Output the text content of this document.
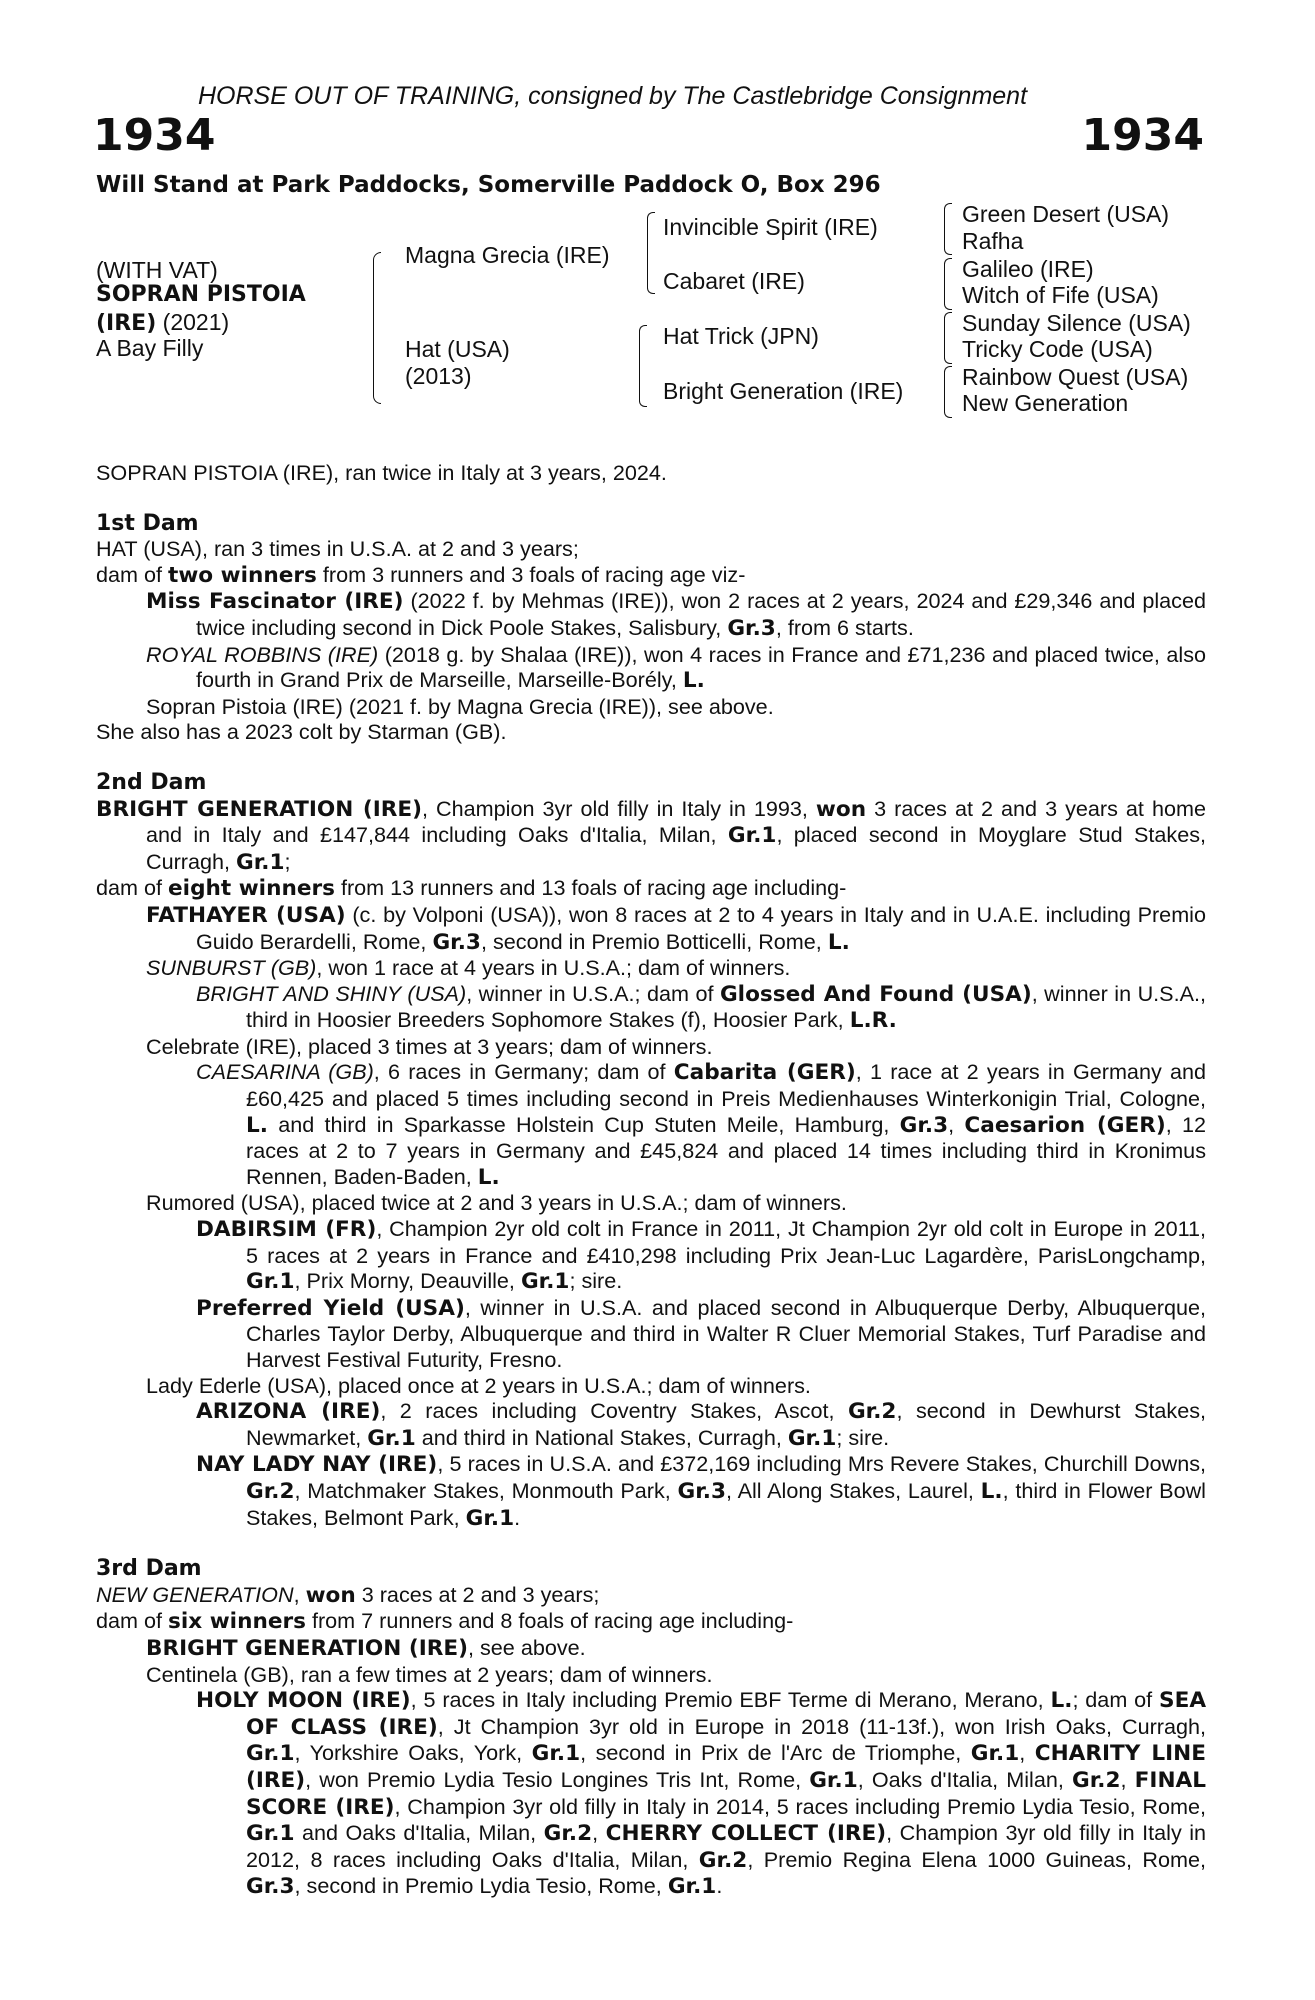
HORSE OUT OF TRAINING, consigned by The Castlebridge Consignment
1934	1934
Will Stand at Park Paddocks, Somerville Paddock O, Box 296
(WITH VAT)
SOPRAN PISTOIA
(IRE) (2021)
A Bay Filly
Magna Grecia (IRE)
Hat (USA)
(2013)
Invincible Spirit (IRE)
Cabaret (IRE)
Hat Trick (JPN)
Bright Generation (IRE)
Green Desert (USA)
Rafha
Galileo (IRE)
Witch of Fife (USA)
Sunday Silence (USA)
Tricky Code (USA)
Rainbow Quest (USA)
New Generation

SOPRAN PISTOIA (IRE), ran twice in Italy at 3 years, 2024.

1st Dam

HAT (USA), ran 3 times in U.S.A. at 2 and 3 years;

dam of two winners from 3 runners and 3 foals of racing age viz-

Miss Fascinator (IRE) (2022 f. by Mehmas (IRE)), won 2 races at 2 years, 2024 and £29,346 and placed twice including second in Dick Poole Stakes, Salisbury, Gr.3, from 6 starts.

ROYAL ROBBINS (IRE) (2018 g. by Shalaa (IRE)), won 4 races in France and £71,236 and placed twice, also fourth in Grand Prix de Marseille, Marseille-Borély, L.

Sopran Pistoia (IRE) (2021 f. by Magna Grecia (IRE)), see above.

She also has a 2023 colt by Starman (GB).

2nd Dam

BRIGHT GENERATION (IRE), Champion 3yr old filly in Italy in 1993, won 3 races at 2 and 3 years at home and in Italy and £147,844 including Oaks d'Italia, Milan, Gr.1, placed second in Moyglare Stud Stakes, Curragh, Gr.1;

dam of eight winners from 13 runners and 13 foals of racing age including-

FATHAYER (USA) (c. by Volponi (USA)), won 8 races at 2 to 4 years in Italy and in U.A.E. including Premio Guido Berardelli, Rome, Gr.3, second in Premio Botticelli, Rome, L.

SUNBURST (GB), won 1 race at 4 years in U.S.A.; dam of winners.

BRIGHT AND SHINY (USA), winner in U.S.A.; dam of Glossed And Found (USA), winner in U.S.A., third in Hoosier Breeders Sophomore Stakes (f), Hoosier Park, L.R.

Celebrate (IRE), placed 3 times at 3 years; dam of winners.

CAESARINA (GB), 6 races in Germany; dam of Cabarita (GER), 1 race at 2 years in Germany and £60,425 and placed 5 times including second in Preis Medienhauses Winterkonigin Trial, Cologne, L. and third in Sparkasse Holstein Cup Stuten Meile, Hamburg, Gr.3, Caesarion (GER), 12 races at 2 to 7 years in Germany and £45,824 and placed 14 times including third in Kronimus Rennen, Baden-Baden, L.

Rumored (USA), placed twice at 2 and 3 years in U.S.A.; dam of winners.

DABIRSIM (FR), Champion 2yr old colt in France in 2011, Jt Champion 2yr old colt in Europe in 2011, 5 races at 2 years in France and £410,298 including Prix Jean-Luc Lagardère, ParisLongchamp, Gr.1, Prix Morny, Deauville, Gr.1; sire.

Preferred Yield (USA), winner in U.S.A. and placed second in Albuquerque Derby, Albuquerque, Charles Taylor Derby, Albuquerque and third in Walter R Cluer Memorial Stakes, Turf Paradise and Harvest Festival Futurity, Fresno.

Lady Ederle (USA), placed once at 2 years in U.S.A.; dam of winners.

ARIZONA (IRE), 2 races including Coventry Stakes, Ascot, Gr.2, second in Dewhurst Stakes, Newmarket, Gr.1 and third in National Stakes, Curragh, Gr.1; sire.

NAY LADY NAY (IRE), 5 races in U.S.A. and £372,169 including Mrs Revere Stakes, Churchill Downs, Gr.2, Matchmaker Stakes, Monmouth Park, Gr.3, All Along Stakes, Laurel, L., third in Flower Bowl Stakes, Belmont Park, Gr.1.

3rd Dam

NEW GENERATION, won 3 races at 2 and 3 years;

dam of six winners from 7 runners and 8 foals of racing age including-

BRIGHT GENERATION (IRE), see above.

Centinela (GB), ran a few times at 2 years; dam of winners.

HOLY MOON (IRE), 5 races in Italy including Premio EBF Terme di Merano, Merano, L.; dam of SEA OF CLASS (IRE), Jt Champion 3yr old in Europe in 2018 (11-13f.), won Irish Oaks, Curragh, Gr.1, Yorkshire Oaks, York, Gr.1, second in Prix de l'Arc de Triomphe, Gr.1, CHARITY LINE (IRE), won Premio Lydia Tesio Longines Tris Int, Rome, Gr.1, Oaks d'Italia, Milan, Gr.2, FINAL SCORE (IRE), Champion 3yr old filly in Italy in 2014, 5 races including Premio Lydia Tesio, Rome, Gr.1 and Oaks d'Italia, Milan, Gr.2, CHERRY COLLECT (IRE), Champion 3yr old filly in Italy in 2012, 8 races including Oaks d'Italia, Milan, Gr.2, Premio Regina Elena 1000 Guineas, Rome, Gr.3, second in Premio Lydia Tesio, Rome, Gr.1.
